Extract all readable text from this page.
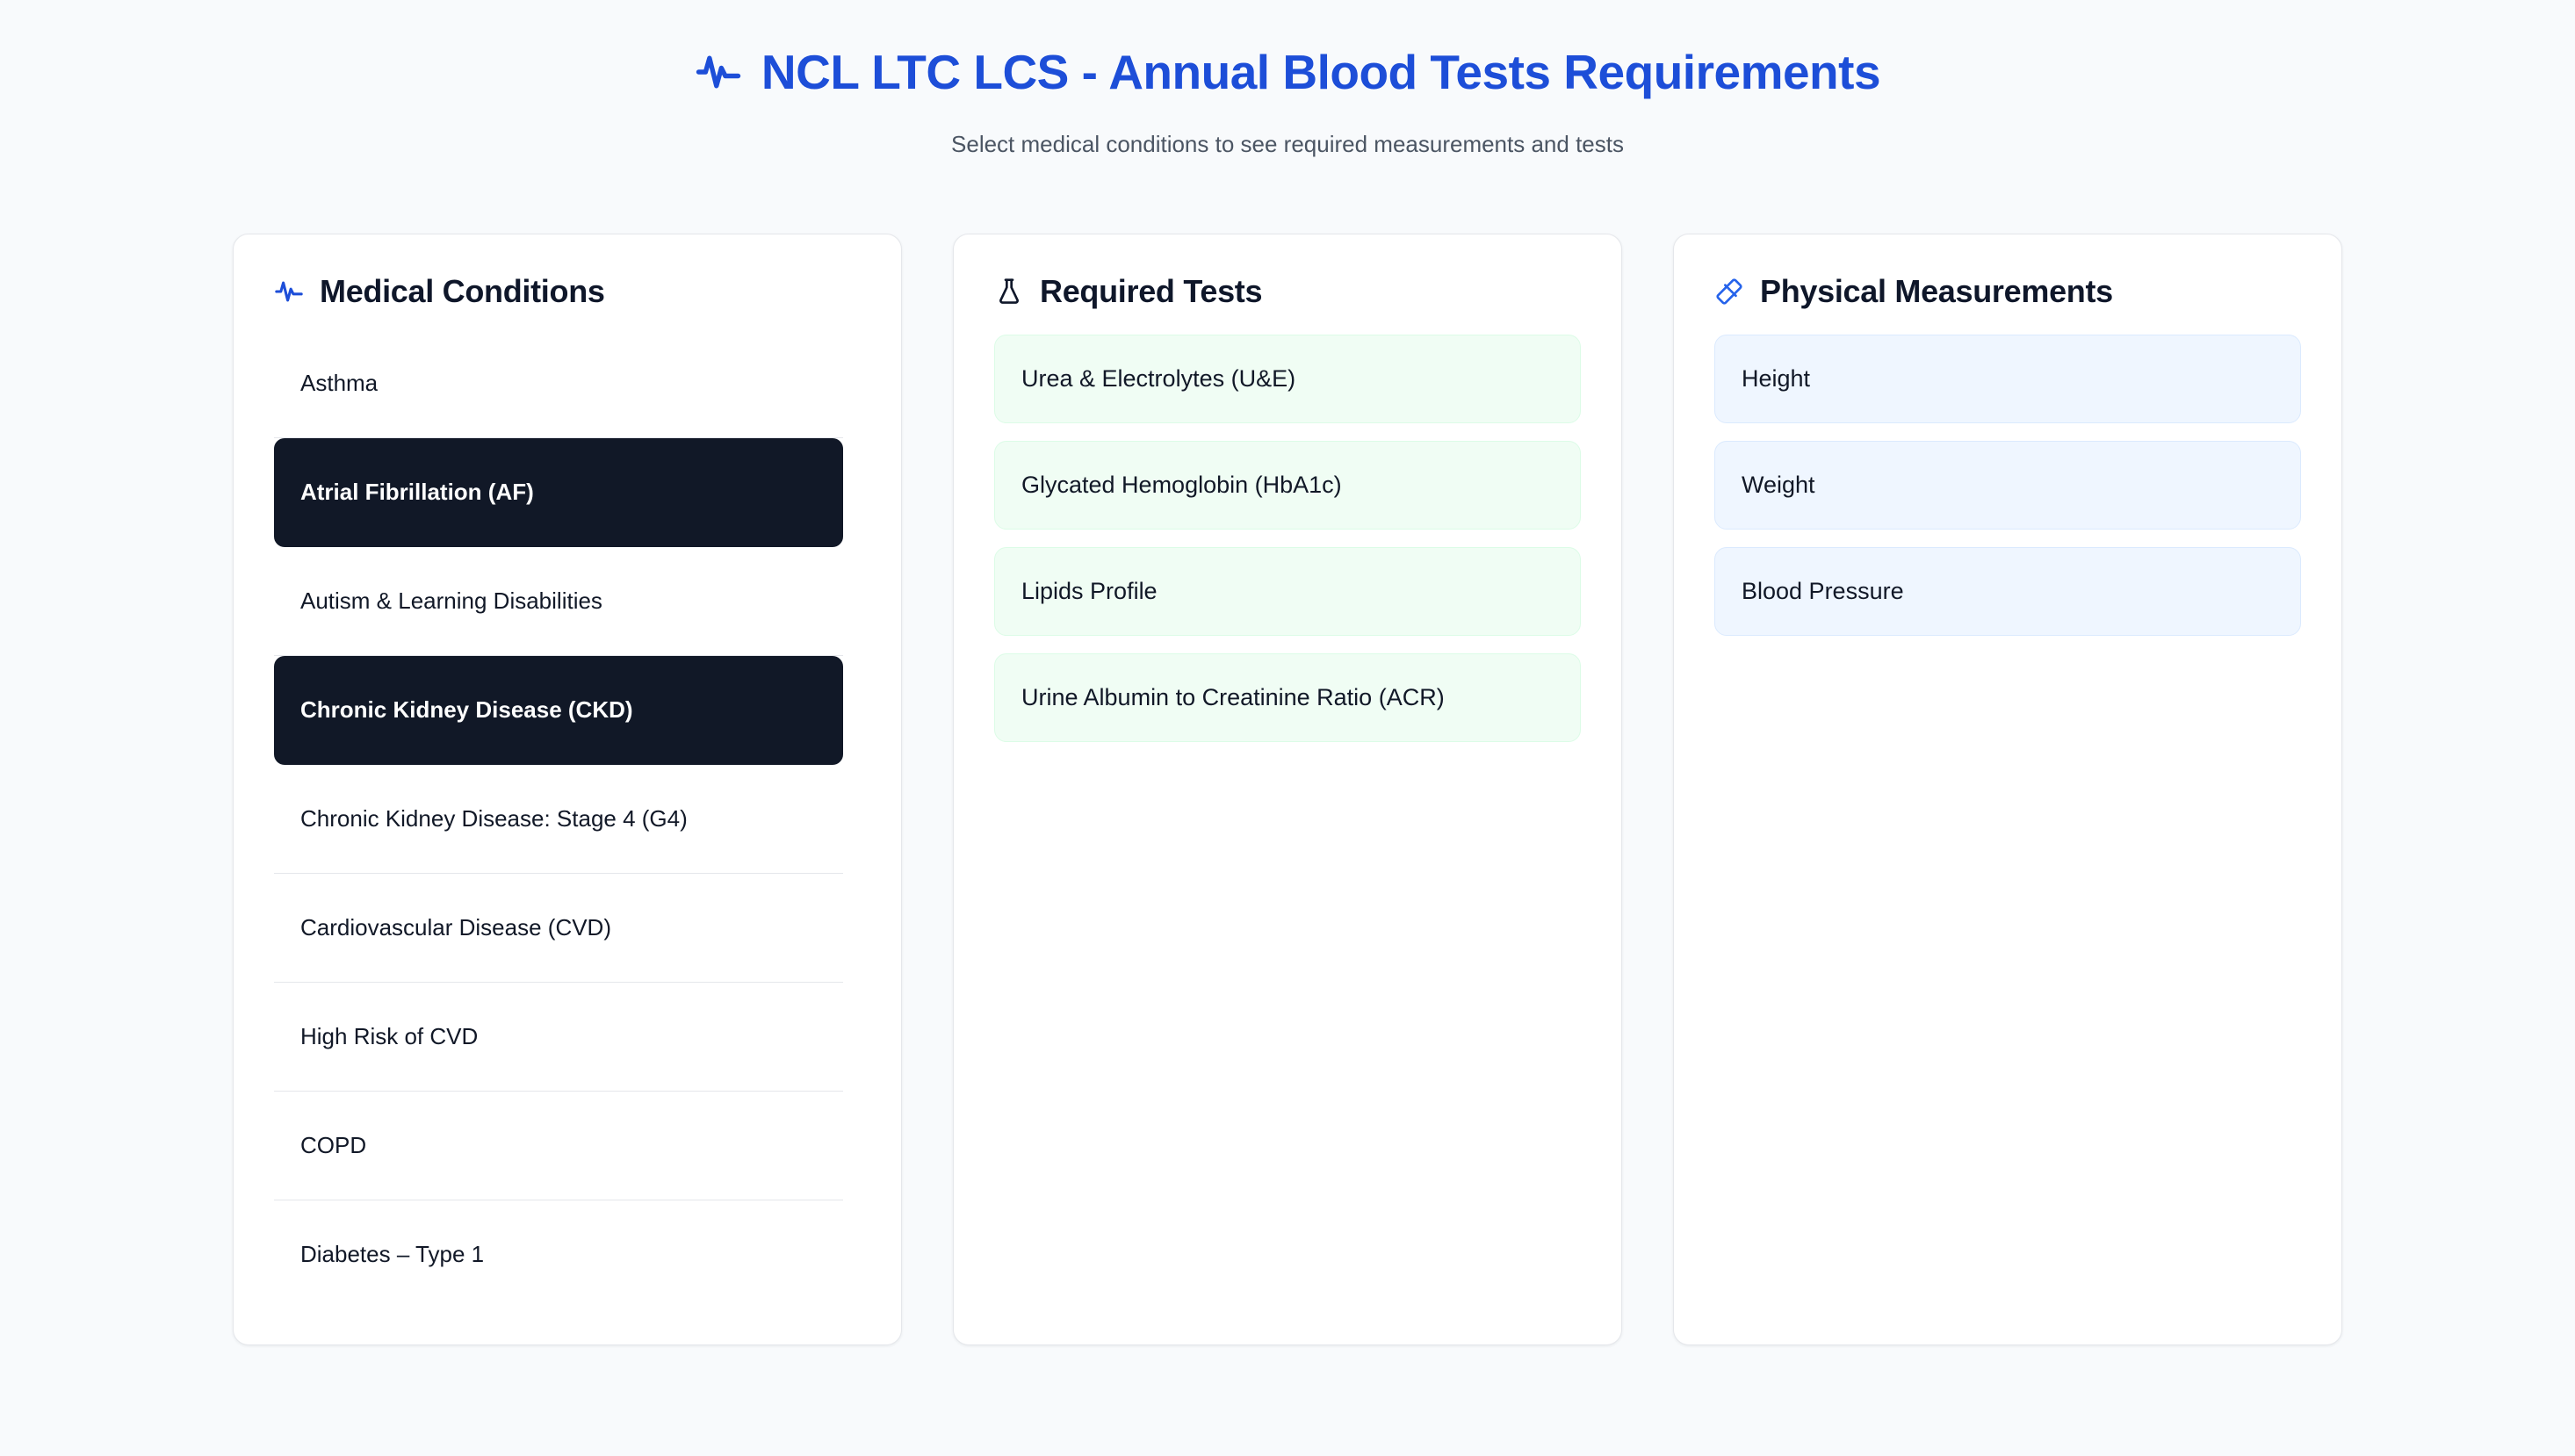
NCL LTC LCS - Annual Blood Tests Requirements
Select medical conditions to see required measurements and tests
Medical Conditions
Asthma
Atrial Fibrillation (AF)
Autism & Learning Disabilities
Chronic Kidney Disease (CKD)
Chronic Kidney Disease: Stage 4 (G4)
Cardiovascular Disease (CVD)
High Risk of CVD
COPD
Diabetes – Type 1
Required Tests
Urea & Electrolytes (U&E)
Glycated Hemoglobin (HbA1c)
Lipids Profile
Urine Albumin to Creatinine Ratio (ACR)
Physical Measurements
Height
Weight
Blood Pressure
